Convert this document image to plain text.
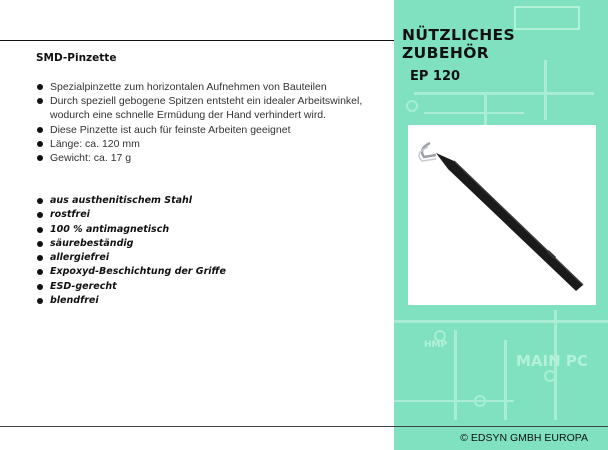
MAIN PC
HMP
NÜTZLICHES ZUBEHÖR
EP 120
SMD-Pinzette
Spezialpinzette zum horizontalen Aufnehmen von Bauteilen
Durch speziell gebogene Spitzen entsteht ein idealer Arbeitswinkel, wodurch eine schnelle Ermüdung der Hand verhindert wird.
Diese Pinzette ist auch für feinste Arbeiten geeignet
Länge: ca. 120 mm
Gewicht: ca. 17 g
aus austhenitischem Stahl
rostfrei
100 % antimagnetisch
säurebeständig
allergiefrei
Expoxyd-Beschichtung der Griffe
ESD-gerecht
blendfrei

© EDSYN GMBH EUROPA
